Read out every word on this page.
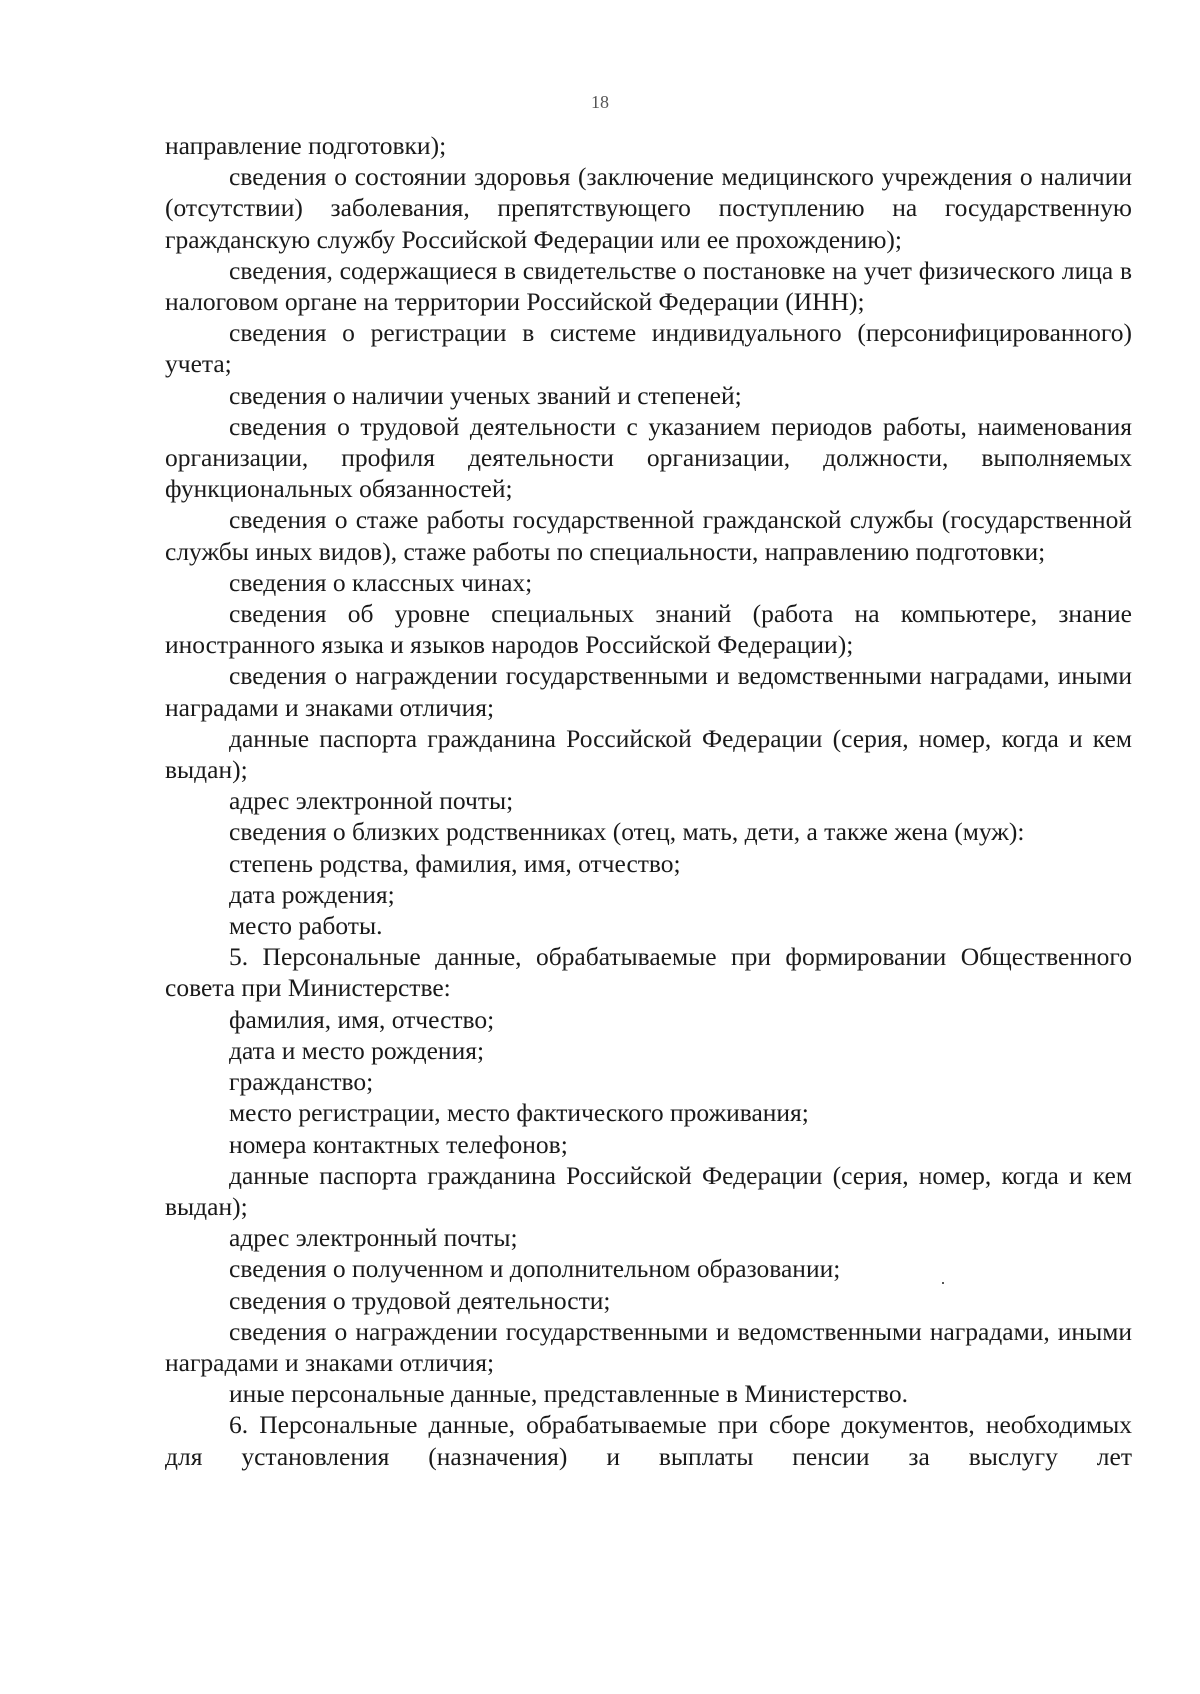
18

направление подготовки);

сведения о состоянии здоровья (заключение медицинского учреждения о наличии (отсутствии) заболевания, препятствующего поступлению на государственную гражданскую службу Российской Федерации или ее прохождению);

сведения, содержащиеся в свидетельстве о постановке на учет физического лица в налоговом органе на территории Российской Федерации (ИНН);

сведения о регистрации в системе индивидуального (персонифицированного) учета;

сведения о наличии ученых званий и степеней;

сведения о трудовой деятельности с указанием периодов работы, наименования организации, профиля деятельности организации, должности, выполняемых функциональных обязанностей;

сведения о стаже работы государственной гражданской службы (государственной службы иных видов), стаже работы по специальности, направлению подготовки;

сведения о классных чинах;

сведения об уровне специальных знаний (работа на компьютере, знание иностранного языка и языков народов Российской Федерации);

сведения о награждении государственными и ведомственными наградами, иными наградами и знаками отличия;

данные паспорта гражданина Российской Федерации (серия, номер, когда и кем выдан);

адрес электронной почты;

сведения о близких родственниках (отец, мать, дети, а также жена (муж):

степень родства, фамилия, имя, отчество;

дата рождения;

место работы.

5. Персональные данные, обрабатываемые при формировании Общественного совета при Министерстве:

фамилия, имя, отчество;

дата и место рождения;

гражданство;

место регистрации, место фактического проживания;

номера контактных телефонов;

данные паспорта гражданина Российской Федерации (серия, номер, когда и кем выдан);

адрес электронный почты;

сведения о полученном и дополнительном образовании;

сведения о трудовой деятельности;

сведения о награждении государственными и ведомственными наградами, иными наградами и знаками отличия;

иные персональные данные, представленные в Министерство.

6. Персональные данные, обрабатываемые при сборе документов, необходимых для установления (назначения) и выплаты пенсии за выслугу лет
